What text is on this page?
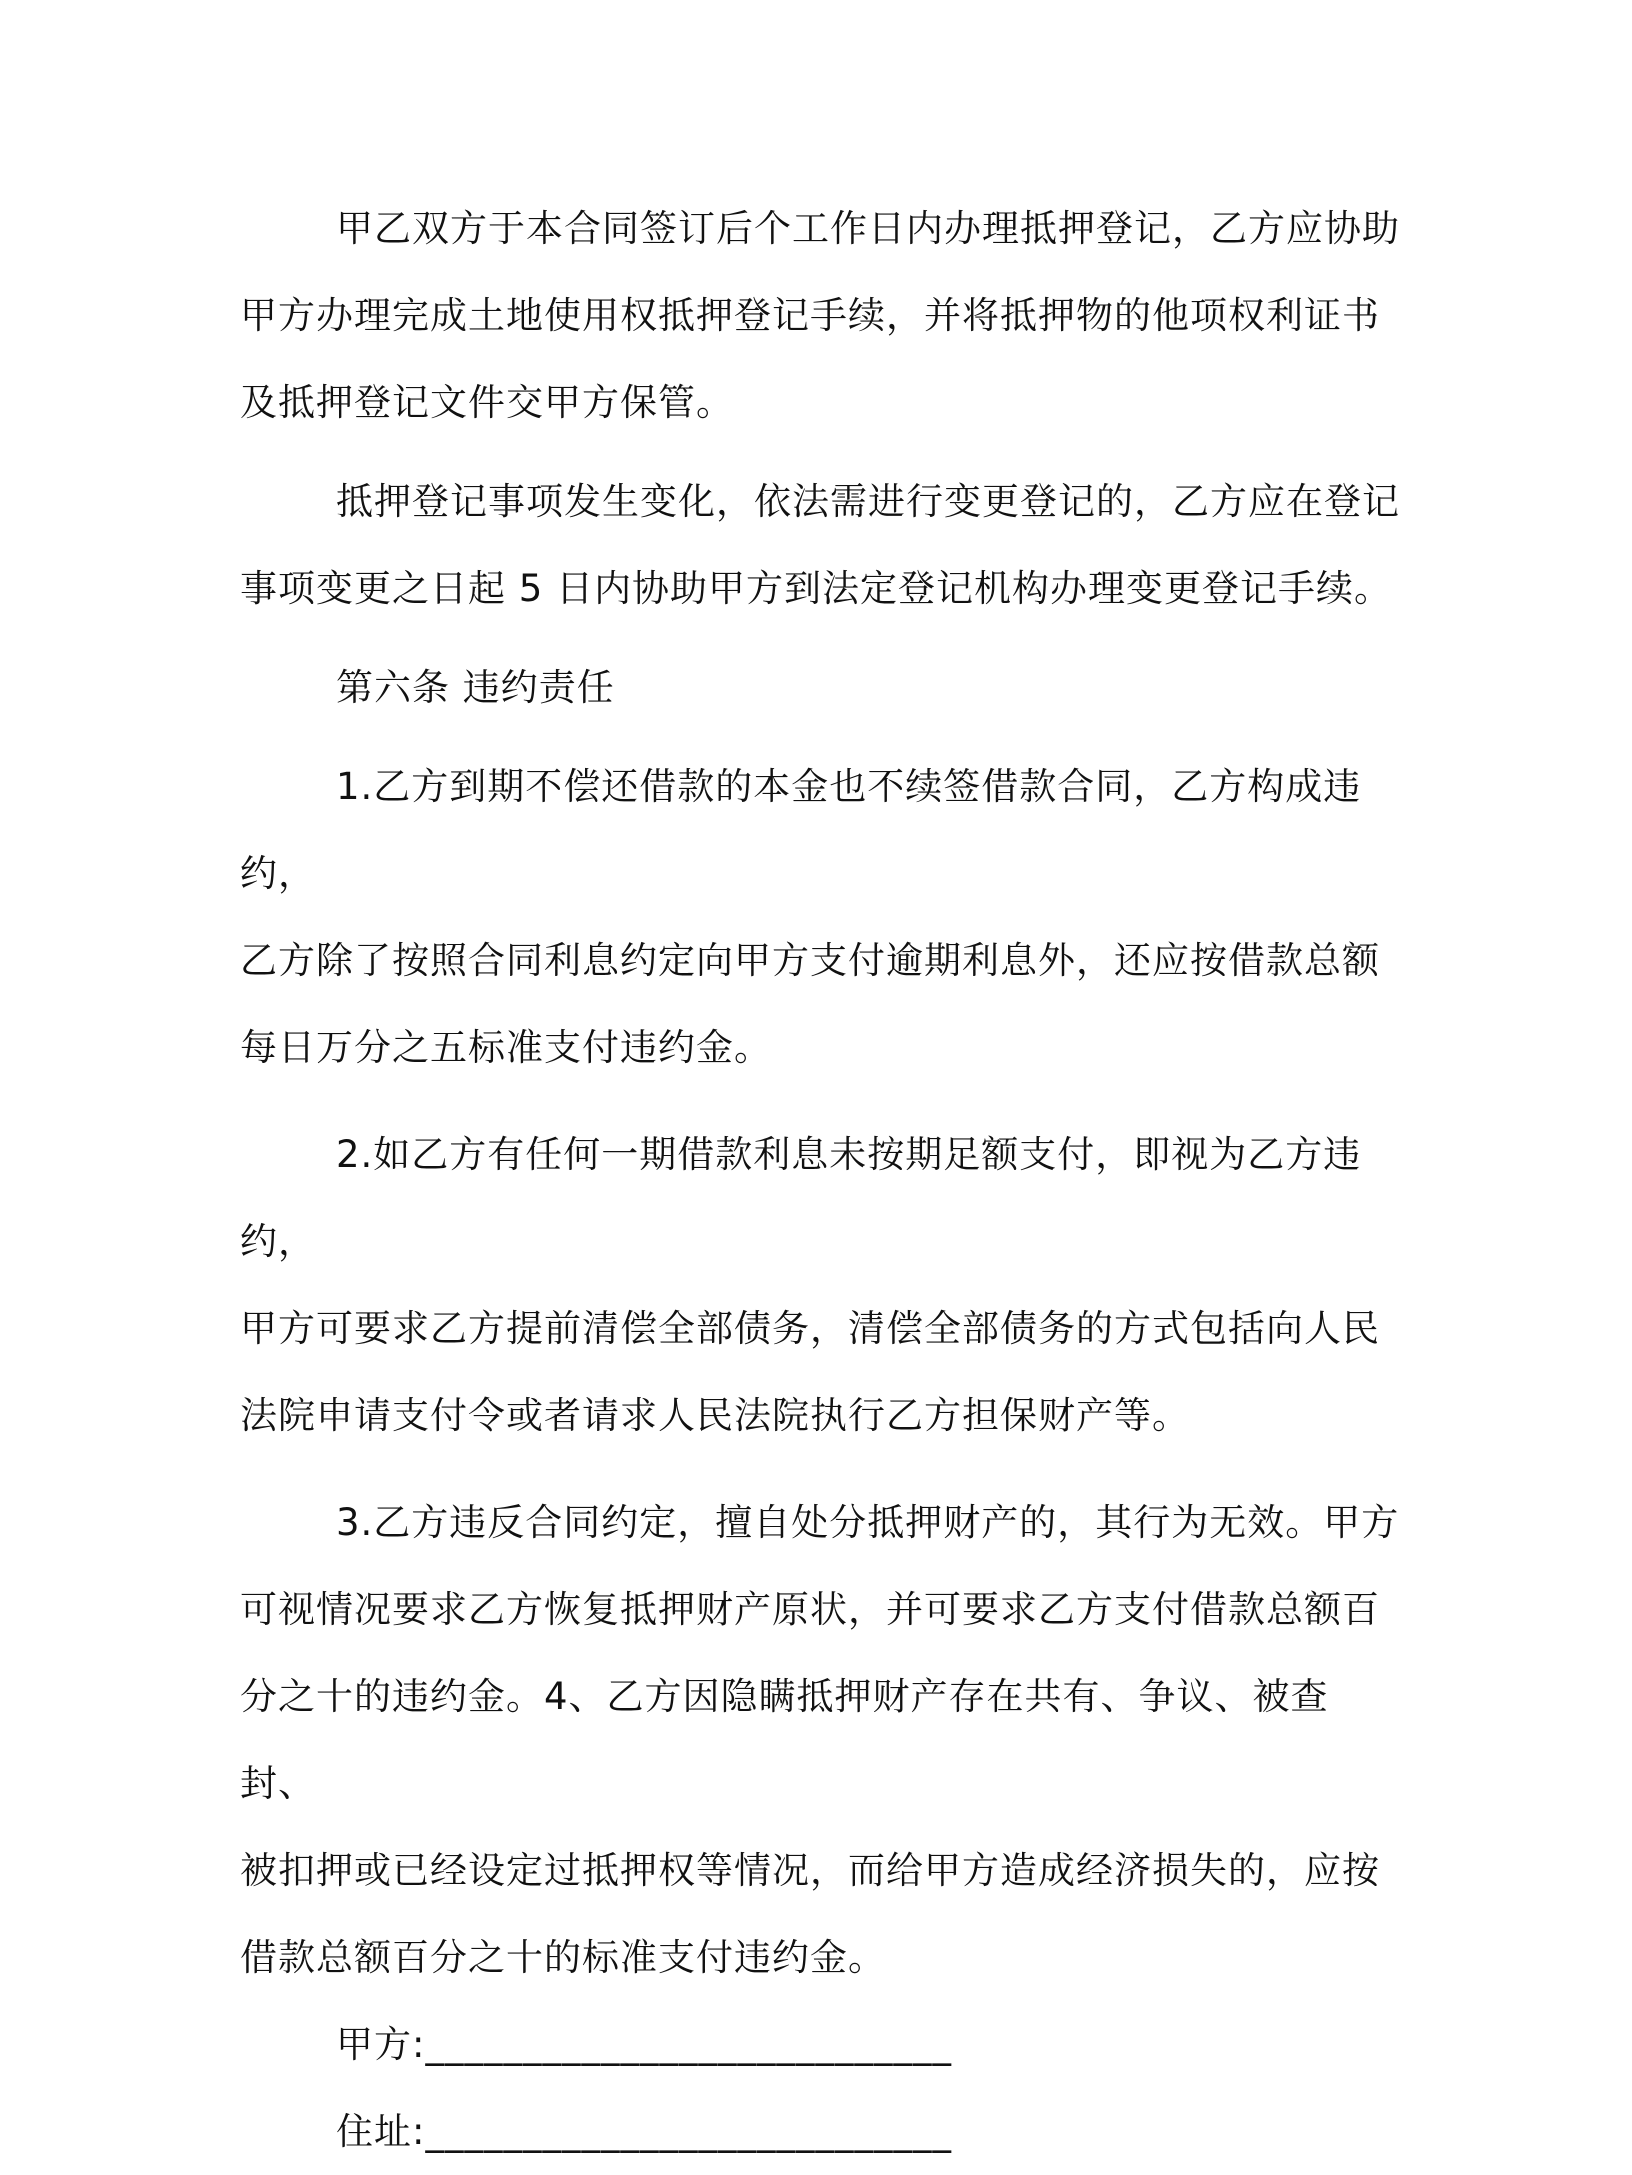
甲乙双方于本合同签订后个工作日内办理抵押登记，乙方应协助
甲方办理完成土地使用权抵押登记手续，并将抵押物的他项权利证书
及抵押登记文件交甲方保管。

抵押登记事项发生变化，依法需进行变更登记的，乙方应在登记
事项变更之日起 5 日内协助甲方到法定登记机构办理变更登记手续。

第六条 违约责任

1.乙方到期不偿还借款的本金也不续签借款合同，乙方构成违约，
乙方除了按照合同利息约定向甲方支付逾期利息外，还应按借款总额
每日万分之五标准支付违约金。

2.如乙方有任何一期借款利息未按期足额支付，即视为乙方违约，
甲方可要求乙方提前清偿全部债务，清偿全部债务的方式包括向人民
法院申请支付令或者请求人民法院执行乙方担保财产等。

3.乙方违反合同约定，擅自处分抵押财产的，其行为无效。甲方
可视情况要求乙方恢复抵押财产原状，并可要求乙方支付借款总额百
分之十的违约金。4、乙方因隐瞒抵押财产存在共有、争议、被查封、
被扣押或已经设定过抵押权等情况，而给甲方造成经济损失的，应按
借款总额百分之十的标准支付违约金。

甲方:___________________________

住址:___________________________
